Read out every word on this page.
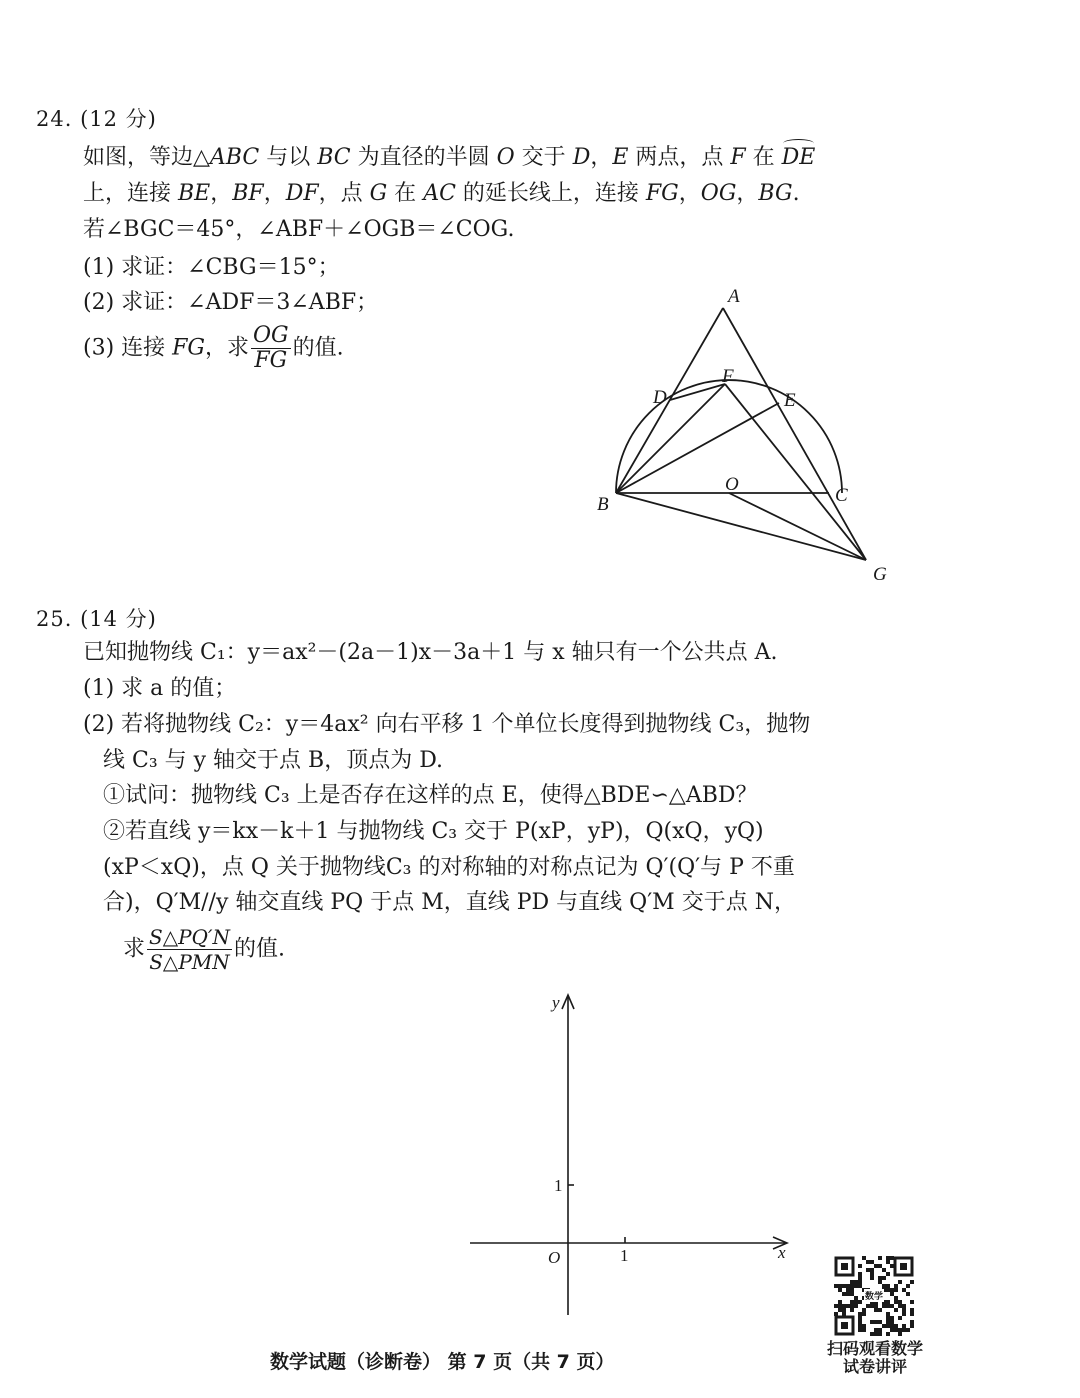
24. (12 分)
如图，等边△ABC 与以 BC 为直径的半圆 O 交于 D，E 两点，点 F 在 DE
上，连接 BE，BF，DF，点 G 在 AC 的延长线上，连接 FG，OG，BG.
若∠BGC＝45°，∠ABF＋∠OGB＝∠COG.
(1) 求证：∠CBG＝15°；
(2) 求证：∠ADF＝3∠ABF；
(3) 连接 FG，求 $\frac{OG}{FG}$ 的值.
A
B	C
D	E
F
G
O
25. (14 分)
已知抛物线 C₁：y＝ax²－(2a－1)x－3a＋1 与 x 轴只有一个公共点 A.
(1) 求 a 的值；
(2) 若将抛物线 C₂：y＝4ax² 向右平移 1 个单位长度得到抛物线 C₃，抛物
线 C₃ 与 y 轴交于点 B，顶点为 D.
①试问：抛物线 C₃ 上是否存在这样的点 E，使得△BDE∽△ABD？
②若直线 y＝kx－k＋1 与抛物线 C₃ 交于 P(xP，yP)，Q(xQ，yQ)
(xP＜xQ)，点 Q 关于抛物线C₃ 的对称轴的对称点记为 Q′(Q′与 P 不重
合)，Q′M//y 轴交直线 PQ 于点 M，直线 PD 与直线 Q′M 交于点 N，
求 $\frac{S\triangle PQ'N}{\text{S△PMN}}$ 的值.
y
x
O
1
1
数学
扫码观看数学
试卷讲评
数学试题（诊断卷） 第 7 页（共 7 页）
